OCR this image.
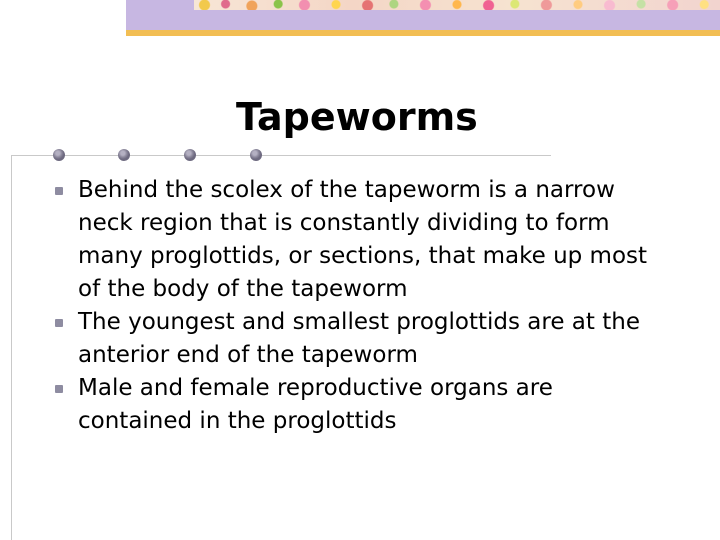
Tapeworms
Behind the scolex of the tapeworm is a narrow neck region that is constantly dividing to form many proglottids, or sections, that make up most of the body of the tapeworm
The youngest and smallest proglottids are at the anterior end of the tapeworm
Male and female reproductive organs are contained in the proglottids
